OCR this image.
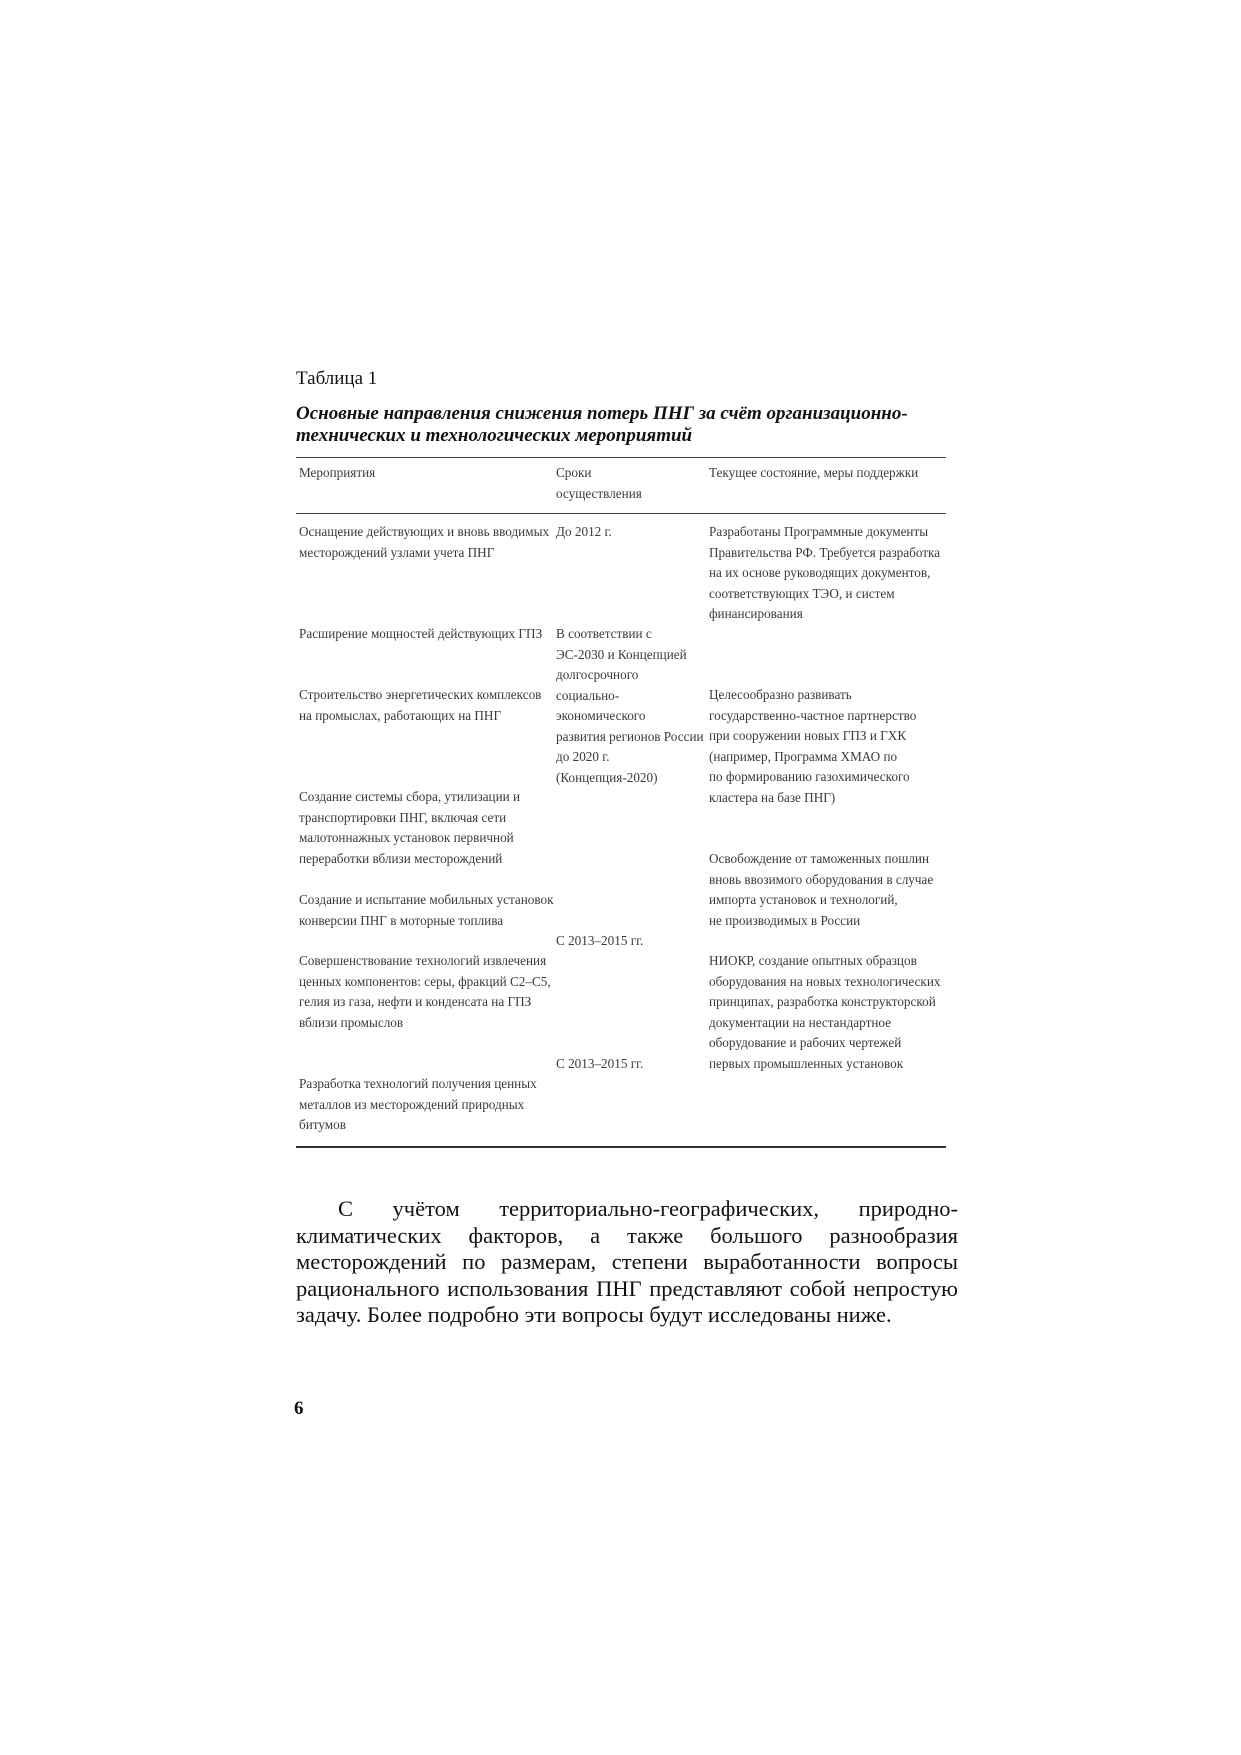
Таблица 1
Основные направления снижения потерь ПНГ за счёт организационно-технических и технологических мероприятий
Мероприятия	Сроки
осуществления
Текущее состояние, меры поддержки
Оснащение действующих и вновь вводимых
месторождений узлами учета ПНГ
Расширение мощностей действующих ГПЗ
Строительство энергетических комплексов
на промыслах, работающих на ПНГ
Создание системы сбора, утилизации и
транспортировки ПНГ, включая сети
малотоннажных установок первичной
переработки вблизи месторождений
Создание и испытание мобильных установок
конверсии ПНГ в моторные топлива
Совершенствование технологий извлечения
ценных компонентов: серы, фракций С2–С5,
гелия из газа, нефти и конденсата на ГПЗ
вблизи промыслов
Разработка технологий получения ценных
металлов из месторождений природных
битумов
До 2012 г.
В соответствии с
ЭС-2030 и Концепцией
долгосрочного
социально-экономического
развития регионов России
до 2020 г.
(Концепция-2020)
С 2013–2015 гг.
С 2013–2015 гг.
Разработаны Программные документы
Правительства РФ. Требуется разработка
на их основе руководящих документов,
соответствующих ТЭО, и систем
финансирования
Целесообразно развивать
государственно-частное партнерство
при сооружении новых ГПЗ и ГХК
(например, Программа ХМАО по
по формированию газохимического
кластера на базе ПНГ)
Освобождение от таможенных пошлин
вновь ввозимого оборудования в случае
импорта установок и технологий,
не производимых в России
НИОКР, создание опытных образцов
оборудования на новых технологических
принципах, разработка конструкторской
документации на нестандартное
оборудование и рабочих чертежей
первых промышленных установок
С учётом территориально-географических, природно-климатических факторов, а также большого разнообразия месторождений по размерам, степени выработанности вопросы рационального использования ПНГ представляют собой непростую задачу. Более подробно эти вопросы будут исследованы ниже.
6
